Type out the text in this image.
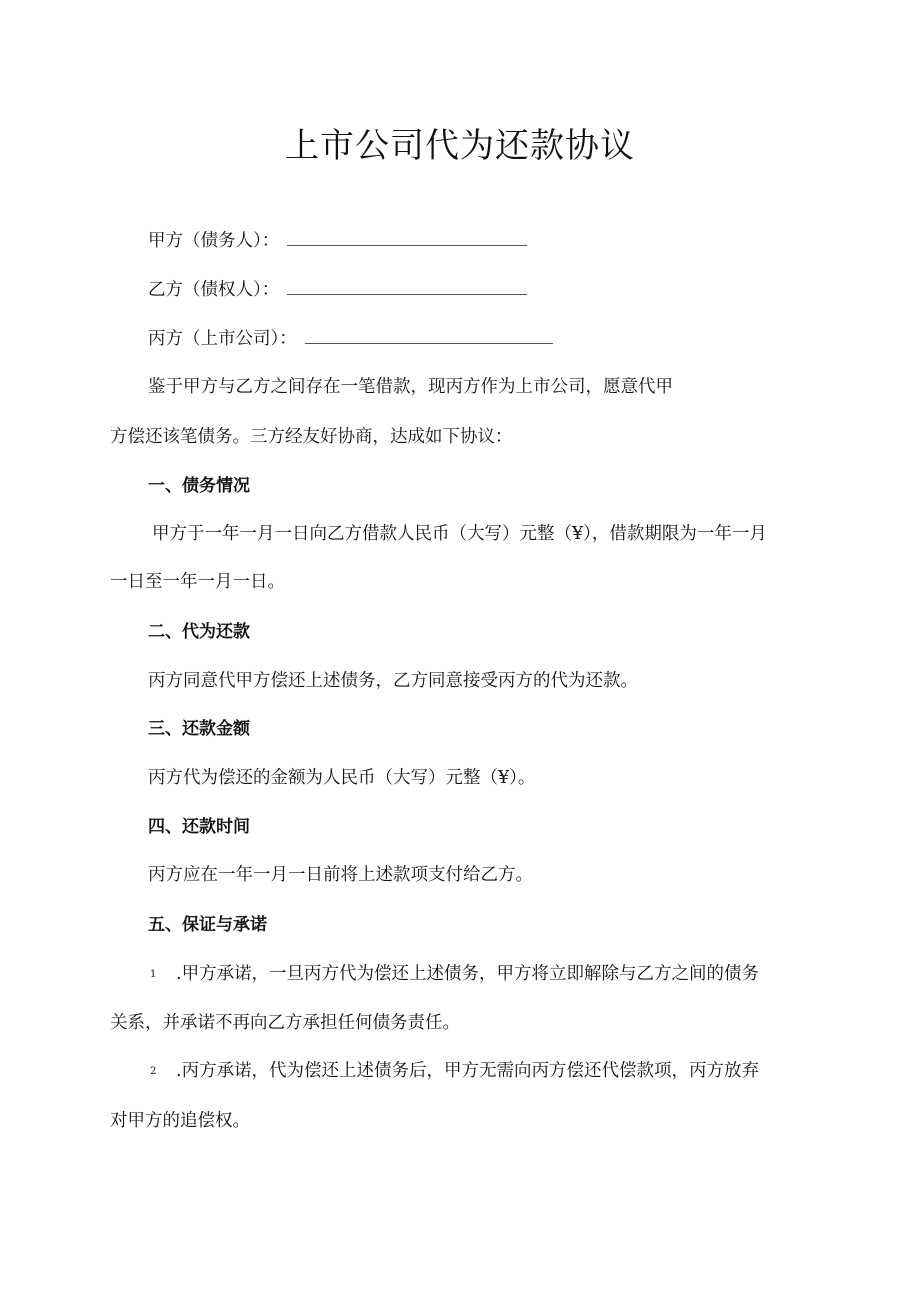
上市公司代为还款协议
甲方（债务人）：
乙方（债权人）：
丙方（上市公司）：
鉴于甲方与乙方之间存在一笔借款，现丙方作为上市公司，愿意代甲
方偿还该笔债务。三方经友好协商，达成如下协议：
一、债务情况
甲方于一年一月一日向乙方借款人民币（大写）元整（¥），借款期限为一年一月
一日至一年一月一日。
二、代为还款
丙方同意代甲方偿还上述债务，乙方同意接受丙方的代为还款。
三、还款金额
丙方代为偿还的金额为人民币（大写）元整（¥）。
四、还款时间
丙方应在一年一月一日前将上述款项支付给乙方。
五、保证与承诺
1 .甲方承诺，一旦丙方代为偿还上述债务，甲方将立即解除与乙方之间的债务
关系，并承诺不再向乙方承担任何债务责任。
2 .丙方承诺，代为偿还上述债务后，甲方无需向丙方偿还代偿款项，丙方放弃
对甲方的追偿权。
